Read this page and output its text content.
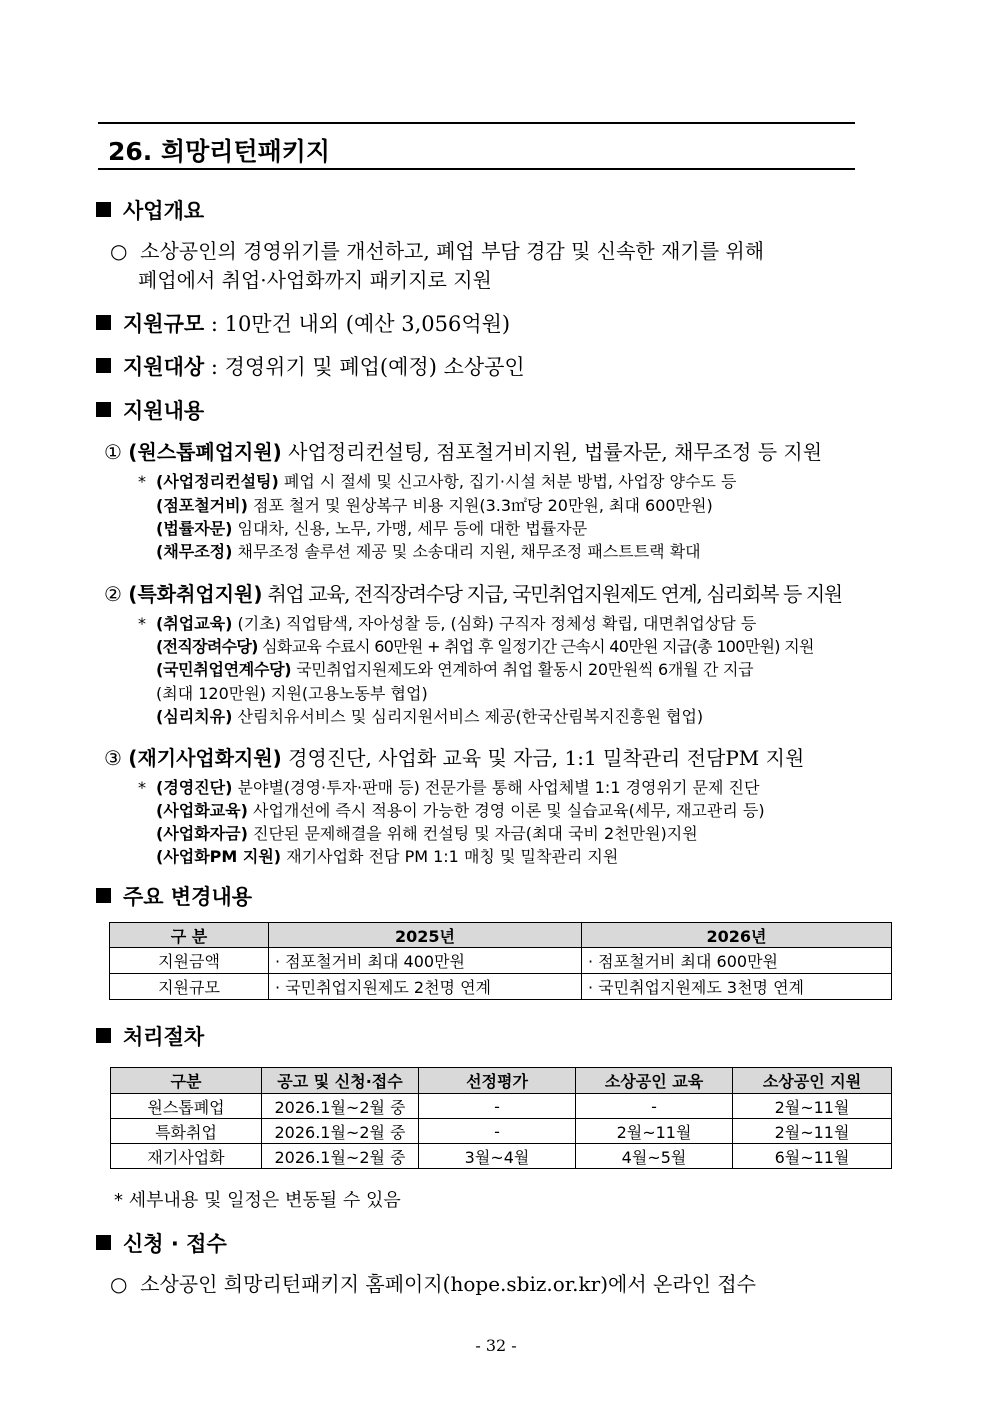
26. 희망리턴패키지
사업개요
○ 소상공인의 경영위기를 개선하고, 폐업 부담 경감 및 신속한 재기를 위해
폐업에서 취업·사업화까지 패키지로 지원
지원규모 : 10만건 내외 (예산 3,056억원)
지원대상 : 경영위기 및 폐업(예정) 소상공인
지원내용
① (원스톱폐업지원) 사업정리컨설팅, 점포철거비지원, 법률자문, 채무조정 등 지원
* (사업정리컨설팅) 폐업 시 절세 및 신고사항, 집기·시설 처분 방법, 사업장 양수도 등
(점포철거비) 점포 철거 및 원상복구 비용 지원(3.3㎡당 20만원, 최대 600만원)
(법률자문) 임대차, 신용, 노무, 가맹, 세무 등에 대한 법률자문
(채무조정) 채무조정 솔루션 제공 및 소송대리 지원, 채무조정 패스트트랙 확대
② (특화취업지원) 취업 교육, 전직장려수당 지급, 국민취업지원제도 연계, 심리회복 등 지원
* (취업교육) (기초) 직업탐색, 자아성찰 등, (심화) 구직자 정체성 확립, 대면취업상담 등
(전직장려수당) 심화교육 수료시 60만원 + 취업 후 일정기간 근속시 40만원 지급(총 100만원) 지원
(국민취업연계수당) 국민취업지원제도와 연계하여 취업 활동시 20만원씩 6개월 간 지급
(최대 120만원) 지원(고용노동부 협업)
(심리치유) 산림치유서비스 및 심리지원서비스 제공(한국산림복지진흥원 협업)
③ (재기사업화지원) 경영진단, 사업화 교육 및 자금, 1:1 밀착관리 전담PM 지원
* (경영진단) 분야별(경영·투자·판매 등) 전문가를 통해 사업체별 1:1 경영위기 문제 진단
(사업화교육) 사업개선에 즉시 적용이 가능한 경영 이론 및 실습교육(세무, 재고관리 등)
(사업화자금) 진단된 문제해결을 위해 컨설팅 및 자금(최대 국비 2천만원)지원
(사업화PM 지원) 재기사업화 전담 PM 1:1 매칭 및 밀착관리 지원
주요 변경내용
구 분	2025년	2026년
지원금액	· 점포철거비 최대 400만원	· 점포철거비 최대 600만원
지원규모	· 국민취업지원제도 2천명 연계	· 국민취업지원제도 3천명 연계
처리절차
구분	공고 및 신청·접수	선정평가	소상공인 교육	소상공인 지원
원스톱폐업	2026.1월~2월 중	-	-	2월~11월
특화취업	2026.1월~2월 중	-	2월~11월	2월~11월
재기사업화	2026.1월~2월 중	3월~4월	4월~5월	6월~11월
* 세부내용 및 일정은 변동될 수 있음
신청 · 접수
○ 소상공인 희망리턴패키지 홈페이지(hope.sbiz.or.kr)에서 온라인 접수
- 32 -
